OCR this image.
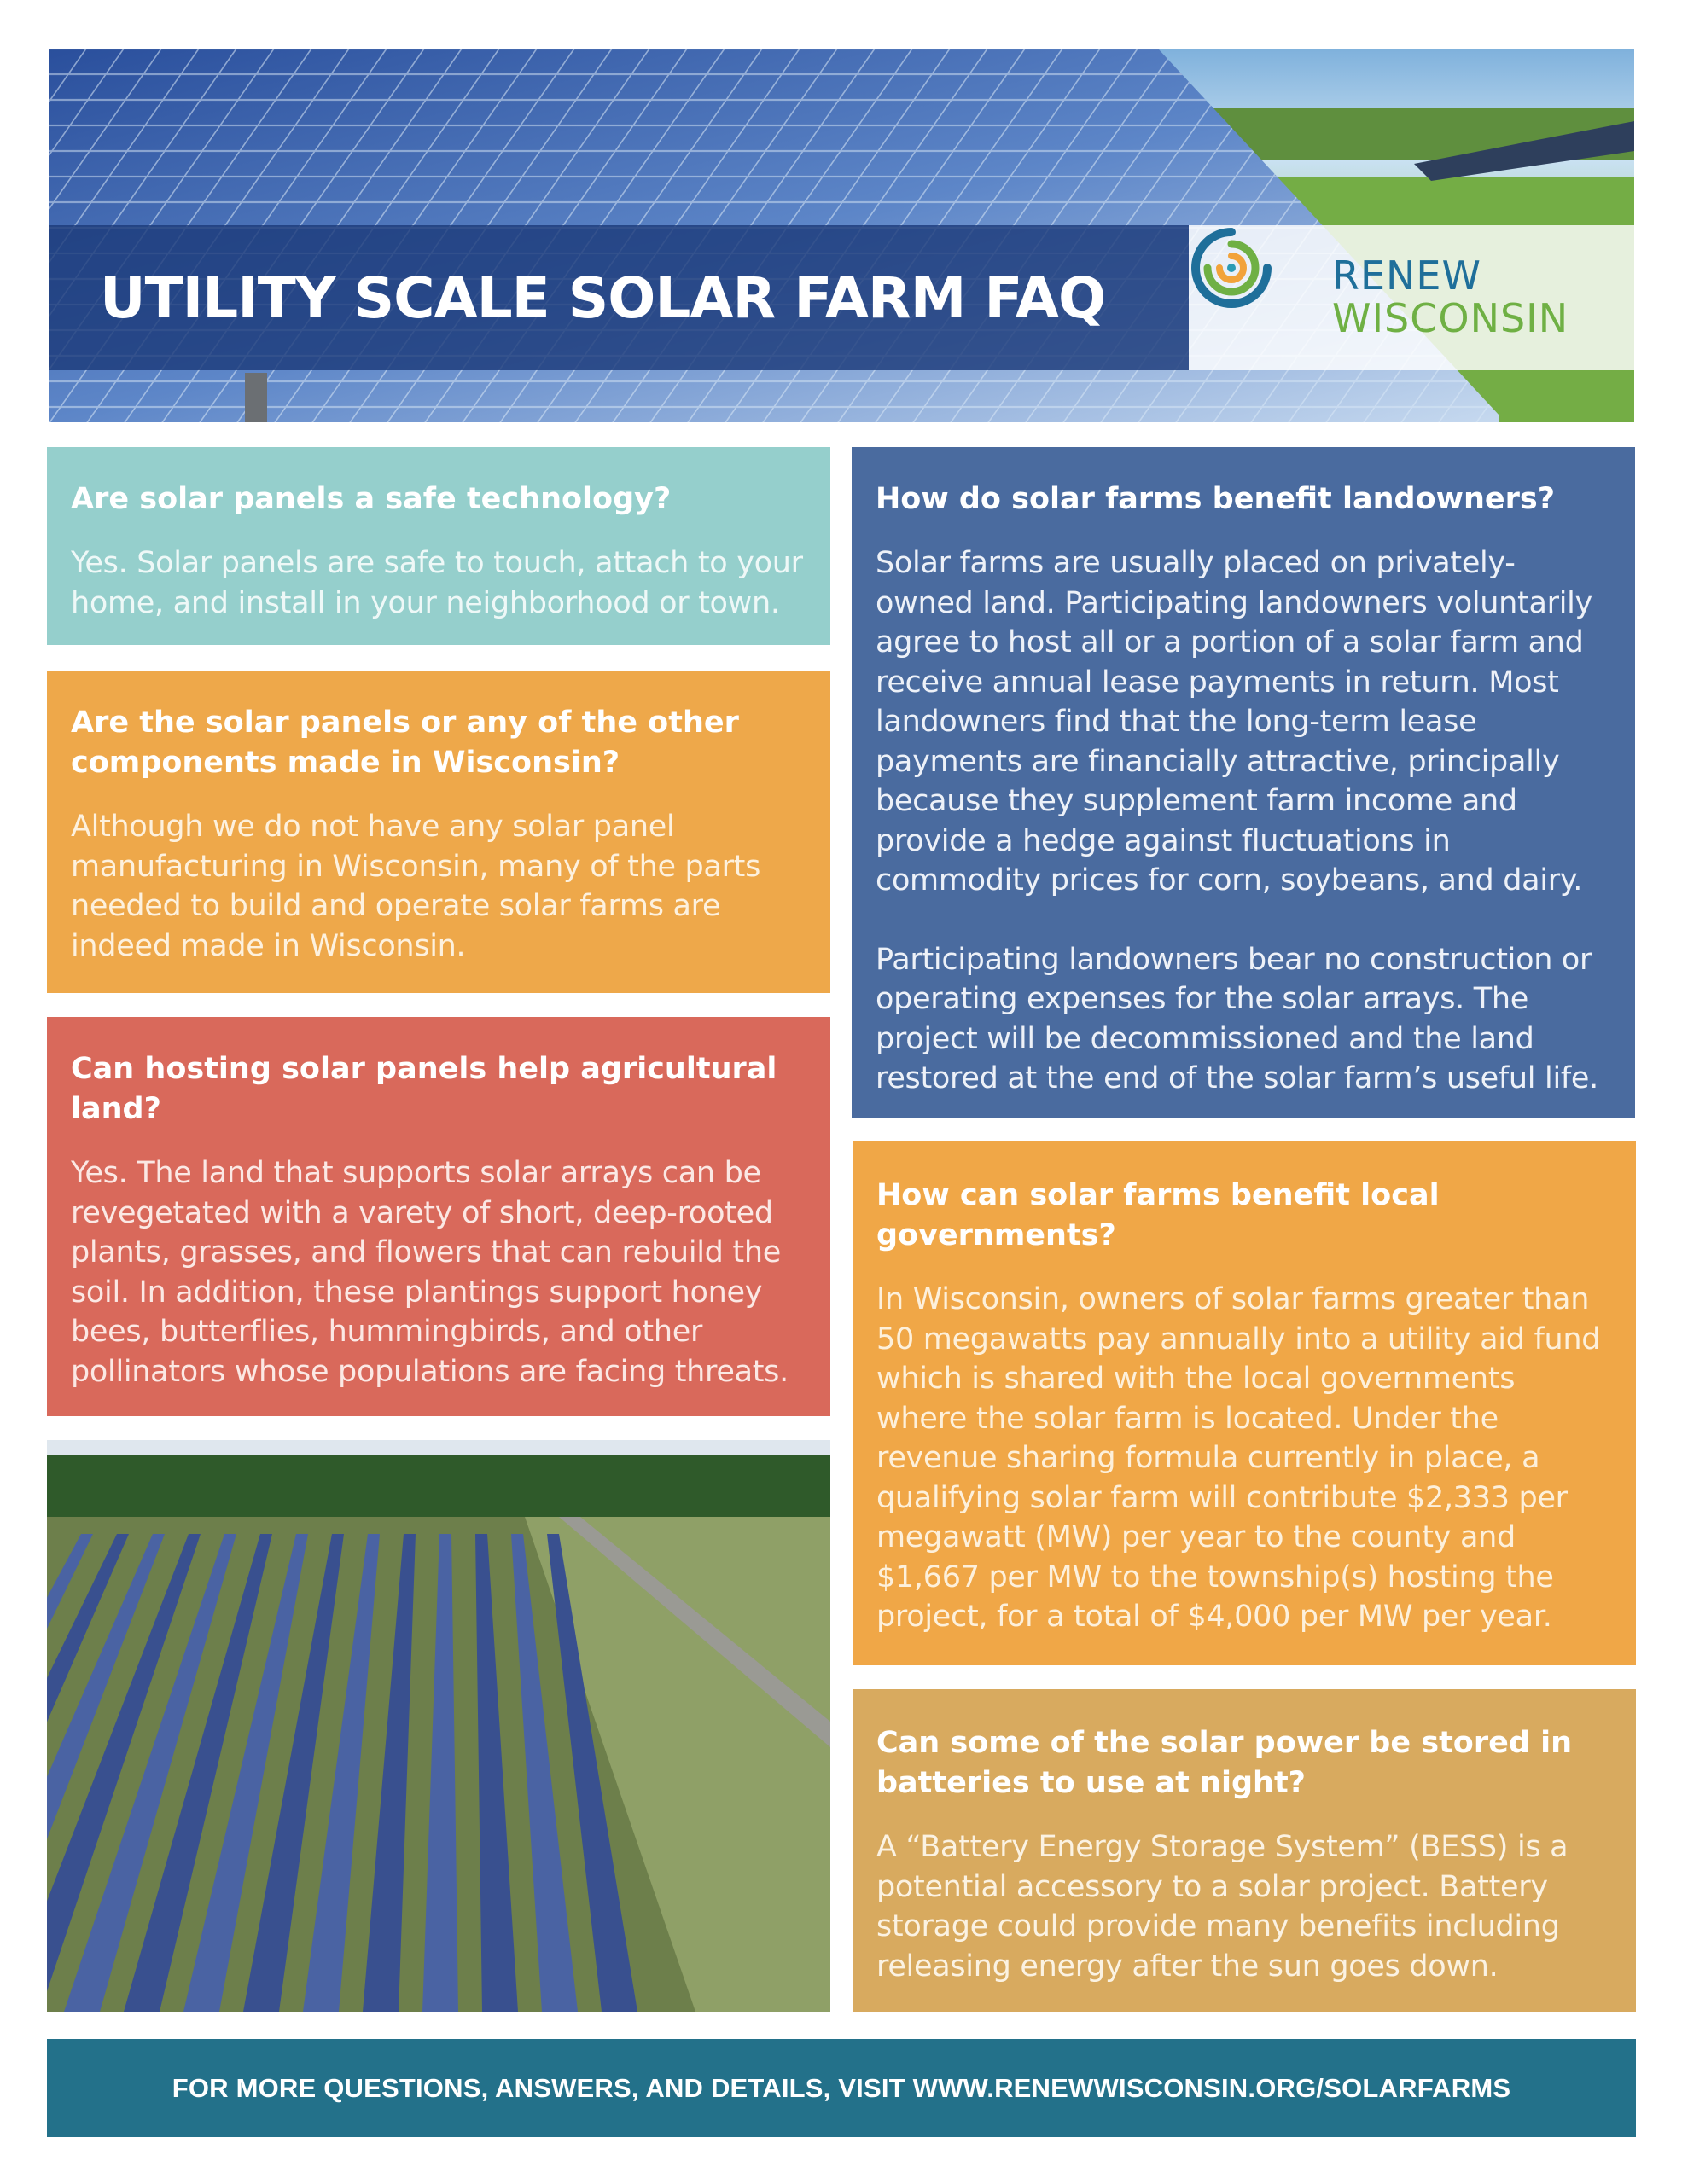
UTILITY SCALE SOLAR FARM FAQ	RENEW
WISCONSIN

Are solar panels a safe technology?

Yes. Solar panels are safe to touch, attach to your home, and install in your neighborhood or town.

Are the solar panels or any of the other components made in Wisconsin?

Although we do not have any solar panel manufacturing in Wisconsin, many of the parts needed to build and operate solar farms are indeed made in Wisconsin.

Can hosting solar panels help agricultural land?

Yes. The land that supports solar arrays can be revegetated with a varety of short, deep-rooted plants, grasses, and flowers that can rebuild the soil. In addition, these plantings support honey bees, butterflies, hummingbirds, and other pollinators whose populations are facing threats.

How do solar farms benefit landowners?

Solar farms are usually placed on privately-owned land. Participating landowners voluntarily agree to host all or a portion of a solar farm and receive annual lease payments in return. Most landowners find that the long-term lease payments are financially attractive, principally because they supplement farm income and provide a hedge against fluctuations in commodity prices for corn, soybeans, and dairy.

Participating landowners bear no construction or operating expenses for the solar arrays. The project will be decommissioned and the land restored at the end of the solar farm’s useful life.

How can solar farms benefit local governments?

In Wisconsin, owners of solar farms greater than 50 megawatts pay annually into a utility aid fund which is shared with the local governments where the solar farm is located. Under the revenue sharing formula currently in place, a qualifying solar farm will contribute $2,333 per megawatt (MW) per year to the county and $1,667 per MW to the township(s) hosting the project, for a total of $4,000 per MW per year.

Can some of the solar power be stored in batteries to use at night?

A “Battery Energy Storage System” (BESS) is a potential accessory to a solar project. Battery storage could provide many benefits including releasing energy after the sun goes down.

FOR MORE QUESTIONS, ANSWERS, AND DETAILS, VISIT WWW.RENEWWISCONSIN.ORG/SOLARFARMS
